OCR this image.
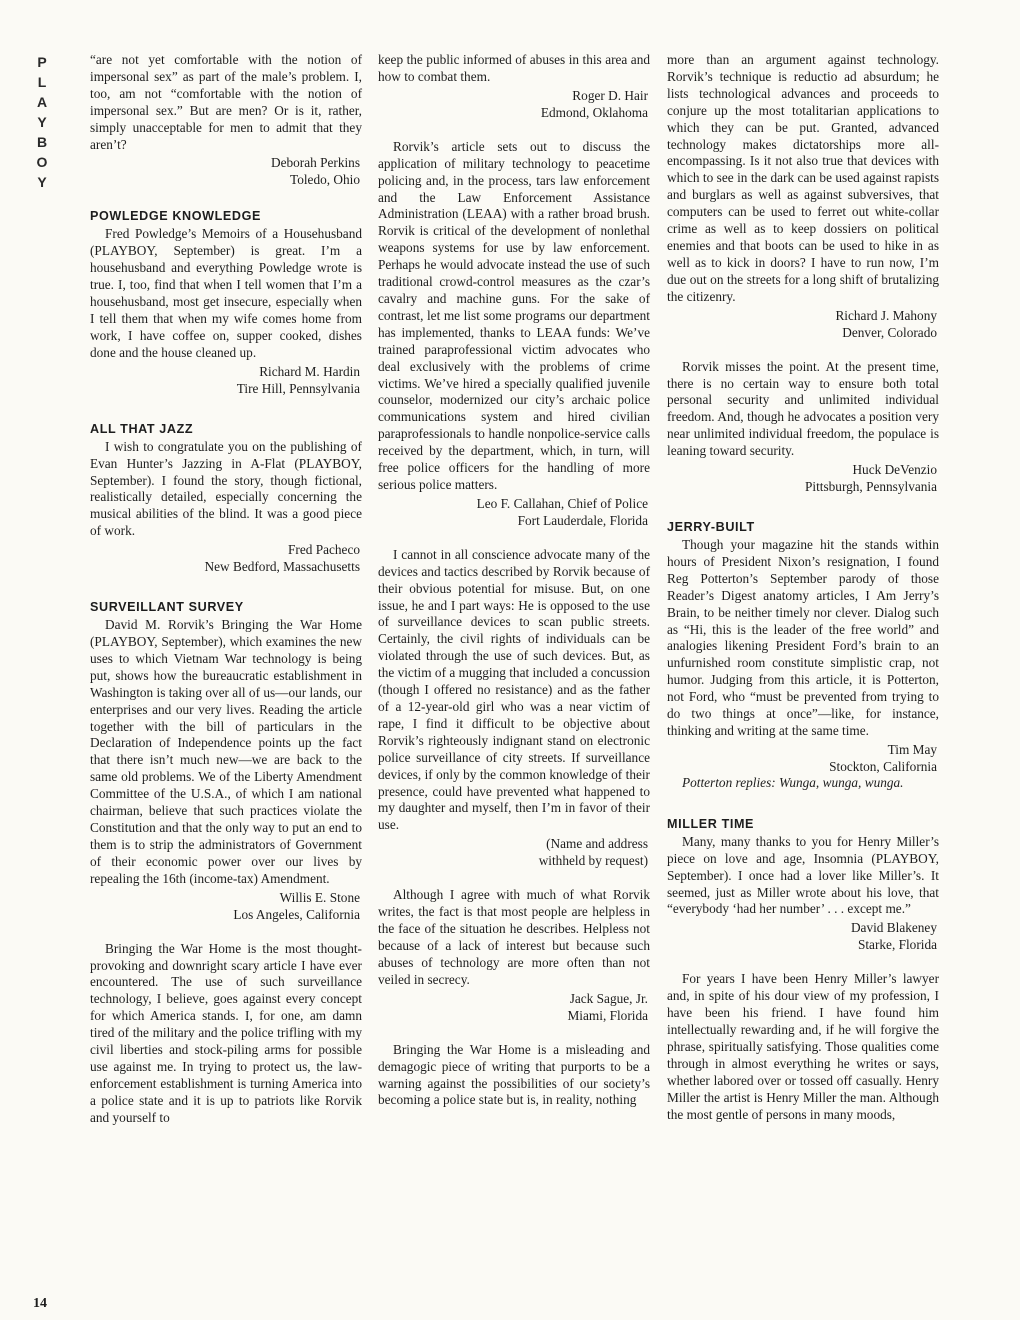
P
L
A
Y
B
O
Y
14

“are not yet comfortable with the notion of impersonal sex” as part of the male’s problem. I, too, am not “comfortable with the notion of impersonal sex.” But are men? Or is it, rather, simply unacceptable for men to admit that they aren’t?

Deborah Perkins
Toledo, Ohio
POWLEDGE KNOWLEDGE

Fred Powledge’s Memoirs of a Househusband (PLAYBOY, September) is great. I’m a househusband and everything Powledge wrote is true. I, too, find that when I tell women that I’m a househusband, most get insecure, especially when I tell them that when my wife comes home from work, I have coffee on, supper cooked, dishes done and the house cleaned up.

Richard M. Hardin
Tire Hill, Pennsylvania
ALL THAT JAZZ

I wish to congratulate you on the publishing of Evan Hunter’s Jazzing in A-Flat (PLAYBOY, September). I found the story, though fictional, realistically detailed, especially concerning the musical abilities of the blind. It was a good piece of work.

Fred Pacheco
New Bedford, Massachusetts
SURVEILLANT SURVEY

David M. Rorvik’s Bringing the War Home (PLAYBOY, September), which examines the new uses to which Vietnam War technology is being put, shows how the bureaucratic establishment in Washington is taking over all of us—our lands, our enterprises and our very lives. Reading the article together with the bill of particulars in the Declaration of Independence points up the fact that there isn’t much new—we are back to the same old problems. We of the Liberty Amendment Committee of the U.S.A., of which I am national chairman, believe that such practices violate the Constitution and that the only way to put an end to them is to strip the administrators of Government of their economic power over our lives by repealing the 16th (income-tax) Amendment.

Willis E. Stone
Los Angeles, California

Bringing the War Home is the most thought-provoking and downright scary article I have ever encountered. The use of such surveillance technology, I believe, goes against every concept for which America stands. I, for one, am damn tired of the military and the police trifling with my civil liberties and stock-piling arms for possible use against me. In trying to protect us, the law-enforcement establishment is turning America into a police state and it is up to patriots like Rorvik and yourself to

keep the public informed of abuses in this area and how to combat them.

Roger D. Hair
Edmond, Oklahoma

Rorvik’s article sets out to discuss the application of military technology to peacetime policing and, in the process, tars law enforcement and the Law Enforcement Assistance Administration (LEAA) with a rather broad brush. Rorvik is critical of the development of nonlethal weapons systems for use by law enforcement. Perhaps he would advocate instead the use of such traditional crowd-control measures as the czar’s cavalry and machine guns. For the sake of contrast, let me list some programs our department has implemented, thanks to LEAA funds: We’ve trained paraprofessional victim advocates who deal exclusively with the problems of crime victims. We’ve hired a specially qualified juvenile counselor, modernized our city’s archaic police communications system and hired civilian paraprofessionals to handle nonpolice-service calls received by the department, which, in turn, will free police officers for the handling of more serious police matters.

Leo F. Callahan, Chief of Police
Fort Lauderdale, Florida

I cannot in all conscience advocate many of the devices and tactics described by Rorvik because of their obvious potential for misuse. But, on one issue, he and I part ways: He is opposed to the use of surveillance devices to scan public streets. Certainly, the civil rights of individuals can be violated through the use of such devices. But, as the victim of a mugging that included a concussion (though I offered no resistance) and as the father of a 12-year-old girl who was a near victim of rape, I find it difficult to be objective about Rorvik’s righteously indignant stand on electronic police surveillance of city streets. If surveillance devices, if only by the common knowledge of their presence, could have prevented what happened to my daughter and myself, then I’m in favor of their use.

(Name and address
withheld by request)

Although I agree with much of what Rorvik writes, the fact is that most people are helpless in the face of the situation he describes. Helpless not because of a lack of interest but because such abuses of technology are more often than not veiled in secrecy.

Jack Sague, Jr.
Miami, Florida

Bringing the War Home is a misleading and demagogic piece of writing that purports to be a warning against the possibilities of our society’s becoming a police state but is, in reality, nothing

more than an argument against technology. Rorvik’s technique is reductio ad absurdum; he lists technological advances and proceeds to conjure up the most totalitarian applications to which they can be put. Granted, advanced technology makes dictatorships more all-encompassing. Is it not also true that devices with which to see in the dark can be used against rapists and burglars as well as against subversives, that computers can be used to ferret out white-collar crime as well as to keep dossiers on political enemies and that boots can be used to hike in as well as to kick in doors? I have to run now, I’m due out on the streets for a long shift of brutalizing the citizenry.

Richard J. Mahony
Denver, Colorado

Rorvik misses the point. At the present time, there is no certain way to ensure both total personal security and unlimited individual freedom. And, though he advocates a position very near unlimited individual freedom, the populace is leaning toward security.

Huck DeVenzio
Pittsburgh, Pennsylvania
JERRY-BUILT

Though your magazine hit the stands within hours of President Nixon’s resignation, I found Reg Potterton’s September parody of those Reader’s Digest anatomy articles, I Am Jerry’s Brain, to be neither timely nor clever. Dialog such as “Hi, this is the leader of the free world” and analogies likening President Ford’s brain to an unfurnished room constitute simplistic crap, not humor. Judging from this article, it is Potterton, not Ford, who “must be prevented from trying to do two things at once”—like, for instance, thinking and writing at the same time.

Tim May
Stockton, California

Potterton replies: Wunga, wunga, wunga.

MILLER TIME

Many, many thanks to you for Henry Miller’s piece on love and age, Insomnia (PLAYBOY, September). I once had a lover like Miller’s. It seemed, just as Miller wrote about his love, that “everybody ‘had her number’ . . . except me.”

David Blakeney
Starke, Florida

For years I have been Henry Miller’s lawyer and, in spite of his dour view of my profession, I have been his friend. I have found him intellectually rewarding and, if he will forgive the phrase, spiritually satisfying. Those qualities come through in almost everything he writes or says, whether labored over or tossed off casually. Henry Miller the artist is Henry Miller the man. Although the most gentle of persons in many moods,
